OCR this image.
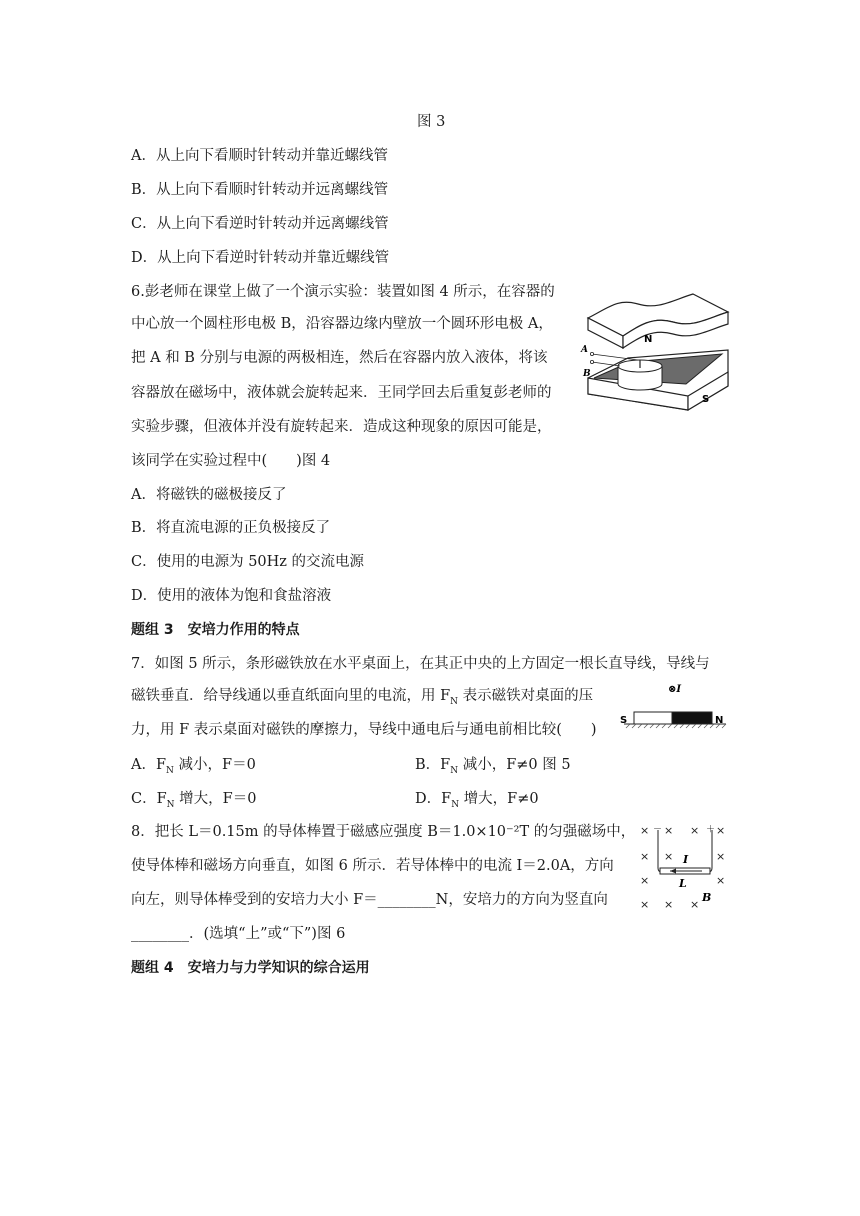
图 3
A．从上向下看顺时针转动并靠近螺线管
B．从上向下看顺时针转动并远离螺线管
C．从上向下看逆时针转动并远离螺线管
D．从上向下看逆时针转动并靠近螺线管
6.彭老师在课堂上做了一个演示实验：装置如图 4 所示，在容器的
中心放一个圆柱形电极 B，沿容器边缘内壁放一个圆环形电极 A，
把 A 和 B 分别与电源的两极相连，然后在容器内放入液体，将该
容器放在磁场中，液体就会旋转起来．王同学回去后重复彭老师的
实验步骤，但液体并没有旋转起来．造成这种现象的原因可能是，
该同学在实验过程中(　　)图 4
N
S
A
B
A．将磁铁的磁极接反了
B．将直流电源的正负极接反了
C．使用的电源为 50Hz 的交流电源
D．使用的液体为饱和食盐溶液
题组 3　安培力作用的特点
7．如图 5 所示，条形磁铁放在水平桌面上，在其正中央的上方固定一根长直导线，导线与
磁铁垂直．给导线通以垂直纸面向里的电流，用 $F_N$ 表示磁铁对桌面的压
力，用 F 表示桌面对磁铁的摩擦力，导线中通电后与通电前相比较(　　)
⊗I
S	N
A．$F_N$ 减小，F＝0	B．$F_N$ 减小，F≠0 图 5
C．$F_N$ 增大，F＝0	D．$F_N$ 增大，F≠0
8．把长 L＝0.15m 的导体棒置于磁感应强度 B＝1.0×10⁻²T 的匀强磁场中，
使导体棒和磁场方向垂直，如图 6 所示．若导体棒中的电流 I＝2.0A，方向
向左，则导体棒受到的安培力大小 F＝________N，安培力的方向为竖直向
________．(选填“上”或“下”)图 6
× × × ×
× ×	×
×	×
× × ×
－	＋
I
L
B
题组 4　安培力与力学知识的综合运用
